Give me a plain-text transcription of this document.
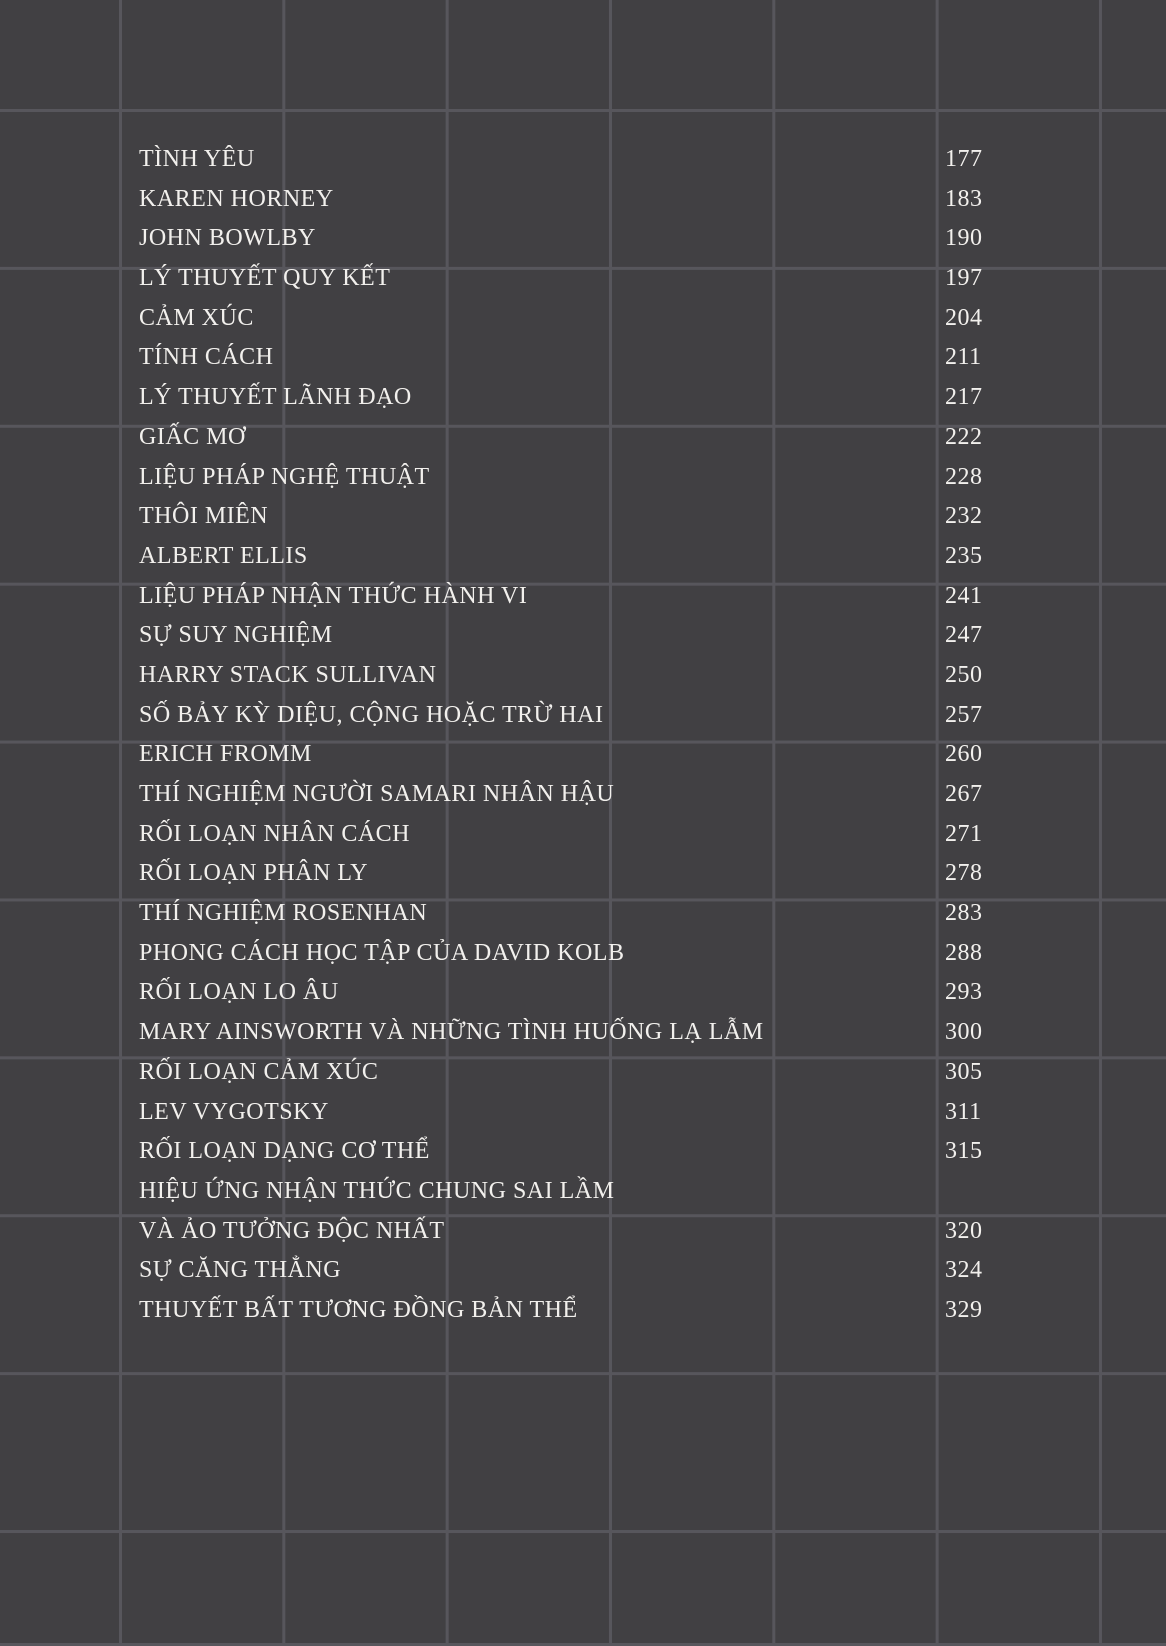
TÌNH YÊU	177
KAREN HORNEY	183
JOHN BOWLBY	190
LÝ THUYẾT QUY KẾT	197
CẢM XÚC	204
TÍNH CÁCH	211
LÝ THUYẾT LÃNH ĐẠO	217
GIẤC MƠ	222
LIỆU PHÁP NGHỆ THUẬT	228
THÔI MIÊN	232
ALBERT ELLIS	235
LIỆU PHÁP NHẬN THỨC HÀNH VI	241
SỰ SUY NGHIỆM	247
HARRY STACK SULLIVAN	250
SỐ BẢY KỲ DIỆU, CỘNG HOẶC TRỪ HAI	257
ERICH FROMM	260
THÍ NGHIỆM NGƯỜI SAMARI NHÂN HẬU	267
RỐI LOẠN NHÂN CÁCH	271
RỐI LOẠN PHÂN LY	278
THÍ NGHIỆM ROSENHAN	283
PHONG CÁCH HỌC TẬP CỦA DAVID KOLB	288
RỐI LOẠN LO ÂU	293
MARY AINSWORTH VÀ NHỮNG TÌNH HUỐNG LẠ LẪM	300
RỐI LOẠN CẢM XÚC	305
LEV VYGOTSKY	311
RỐI LOẠN DẠNG CƠ THỂ	315
HIỆU ỨNG NHẬN THỨC CHUNG SAI LẦM
VÀ ẢO TƯỞNG ĐỘC NHẤT	320
SỰ CĂNG THẲNG	324
THUYẾT BẤT TƯƠNG ĐỒNG BẢN THỂ	329
